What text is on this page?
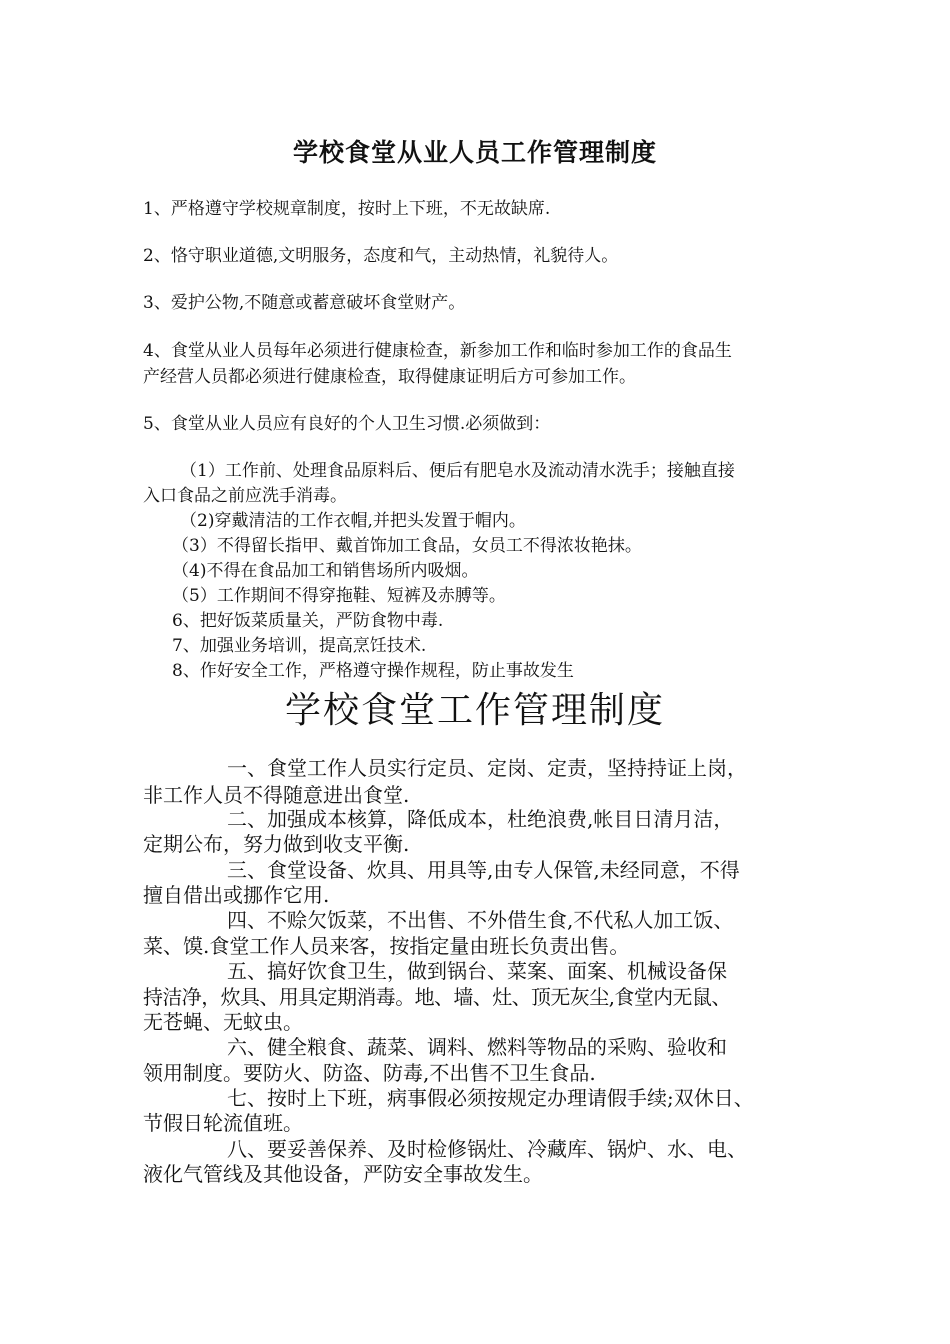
学校食堂从业人员工作管理制度
1、严格遵守学校规章制度，按时上下班，不无故缺席.
2、恪守职业道德,文明服务，态度和气，主动热情，礼貌待人。
3、爱护公物,不随意或蓄意破坏食堂财产。
4、食堂从业人员每年必须进行健康检查，新参加工作和临时参加工作的食品生
产经营人员都必须进行健康检查，取得健康证明后方可参加工作。
5、食堂从业人员应有良好的个人卫生习惯.必须做到：
（1）工作前、处理食品原料后、便后有肥皂水及流动清水洗手；接触直接
入口食品之前应洗手消毒。
（2)穿戴清洁的工作衣帽,并把头发置于帽内。
（3）不得留长指甲、戴首饰加工食品，女员工不得浓妆艳抹。
（4)不得在食品加工和销售场所内吸烟。
（5）工作期间不得穿拖鞋、短裤及赤膊等。
6、把好饭菜质量关，严防食物中毒.
7、加强业务培训，提高烹饪技术.
8、作好安全工作，严格遵守操作规程，防止事故发生
学校食堂工作管理制度
一、食堂工作人员实行定员、定岗、定责，坚持持证上岗，
非工作人员不得随意进出食堂.
二、加强成本核算，降低成本，杜绝浪费,帐目日清月洁，
定期公布，努力做到收支平衡.
三、食堂设备、炊具、用具等,由专人保管,未经同意，不得
擅自借出或挪作它用.
四、不赊欠饭菜，不出售、不外借生食,不代私人加工饭、
菜、馍.食堂工作人员来客，按指定量由班长负责出售。
五、搞好饮食卫生，做到锅台、菜案、面案、机械设备保
持洁净，炊具、用具定期消毒。地、墙、灶、顶无灰尘,食堂内无鼠、
无苍蝇、无蚊虫。
六、健全粮食、蔬菜、调料、燃料等物品的采购、验收和
领用制度。要防火、防盗、防毒,不出售不卫生食品.
七、按时上下班，病事假必须按规定办理请假手续;双休日、
节假日轮流值班。
八、要妥善保养、及时检修锅灶、冷藏库、锅炉、水、电、
液化气管线及其他设备，严防安全事故发生。
